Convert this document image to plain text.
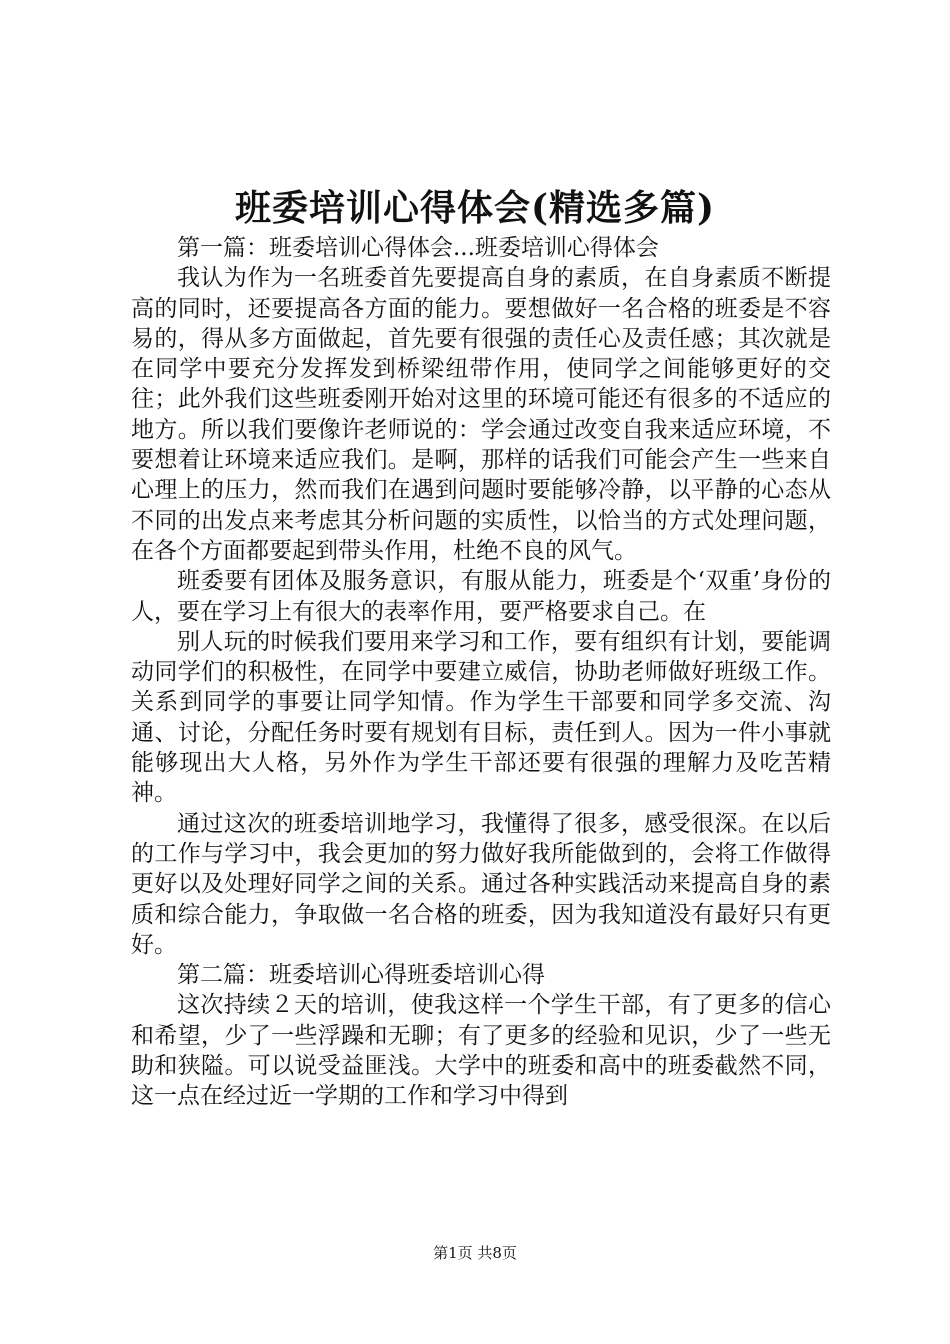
班委培训心得体会(精选多篇)

第一篇：班委培训心得体会...班委培训心得体会

我认为作为一名班委首先要提高自身的素质，在自身素质不断提高的同时，还要提高各方面的能力。要想做好一名合格的班委是不容易的，得从多方面做起，首先要有很强的责任心及责任感；其次就是在同学中要充分发挥发到桥梁纽带作用，使同学之间能够更好的交往；此外我们这些班委刚开始对这里的环境可能还有很多的不适应的地方。所以我们要像许老师说的：学会通过改变自我来适应环境，不要想着让环境来适应我们。是啊，那样的话我们可能会产生一些来自心理上的压力，然而我们在遇到问题时要能够冷静，以平静的心态从不同的出发点来考虑其分析问题的实质性，以恰当的方式处理问题，在各个方面都要起到带头作用，杜绝不良的风气。

班委要有团体及服务意识，有服从能力，班委是个‘双重’身份的人，要在学习上有很大的表率作用，要严格要求自己。在

别人玩的时候我们要用来学习和工作，要有组织有计划，要能调动同学们的积极性，在同学中要建立威信，协助老师做好班级工作。关系到同学的事要让同学知情。作为学生干部要和同学多交流、沟通、讨论，分配任务时要有规划有目标，责任到人。因为一件小事就能够现出大人格，另外作为学生干部还要有很强的理解力及吃苦精神。

通过这次的班委培训地学习，我懂得了很多，感受很深。在以后的工作与学习中，我会更加的努力做好我所能做到的，会将工作做得更好以及处理好同学之间的关系。通过各种实践活动来提高自身的素质和综合能力，争取做一名合格的班委，因为我知道没有最好只有更好。

第二篇：班委培训心得班委培训心得

这次持续２天的培训，使我这样一个学生干部，有了更多的信心和希望，少了一些浮躁和无聊；有了更多的经验和见识，少了一些无助和狭隘。可以说受益匪浅。大学中的班委和高中的班委截然不同，这一点在经过近一学期的工作和学习中得到

第1页 共8页
